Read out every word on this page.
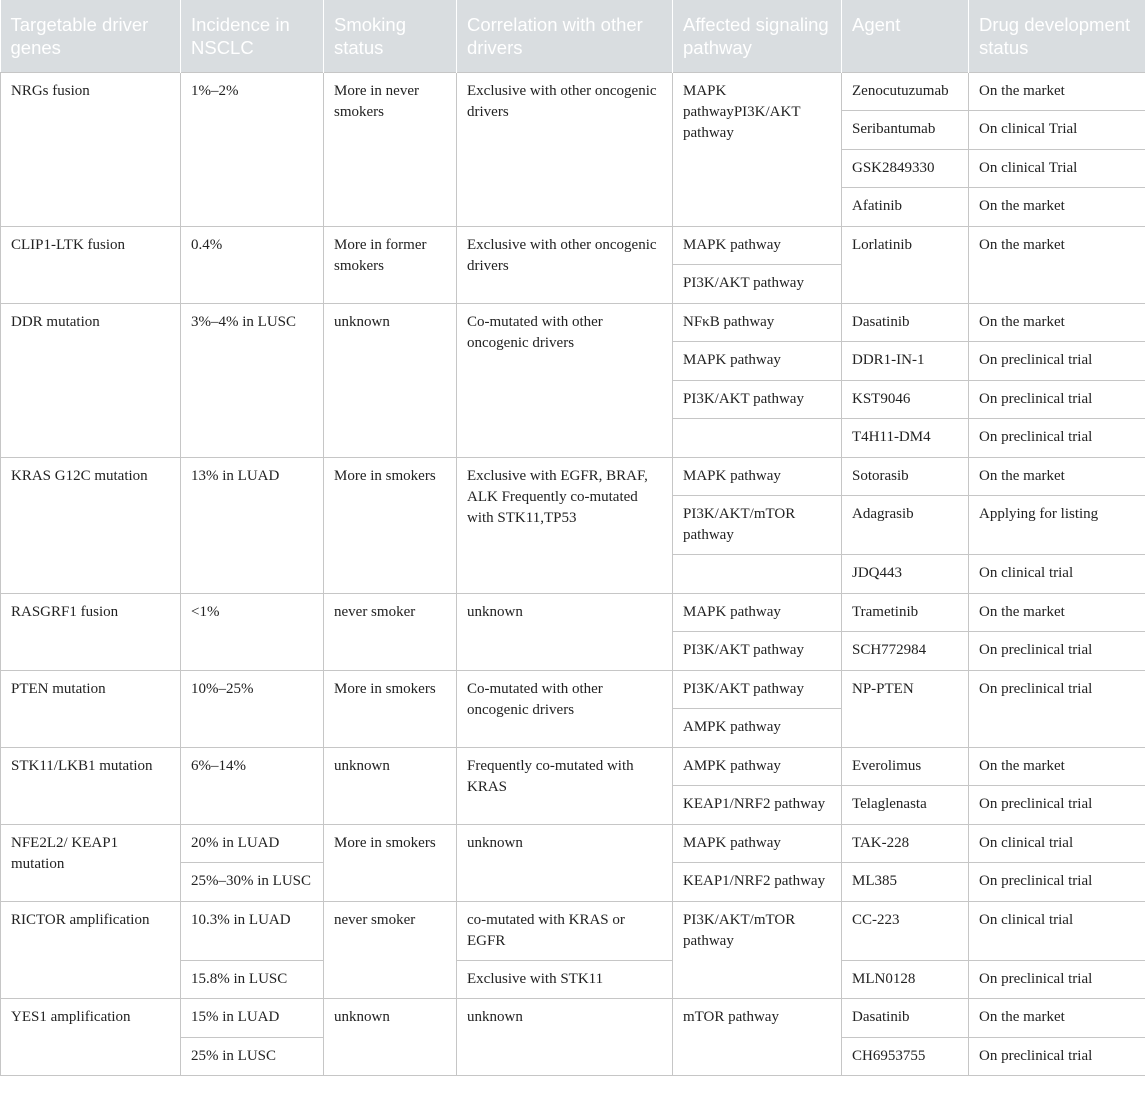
Targetable driver genes	Incidence in NSCLC	Smoking status	Correlation with other drivers	Affected signaling pathway	Agent	Drug development status
NRGs fusion	1%–2%	More in never smokers	Exclusive with other oncogenic drivers	MAPK pathwayPI3K/AKT pathway	Zenocutuzumab	On the market
					Seribantumab	On clinical Trial
					GSK2849330	On clinical Trial
					Afatinib	On the market
CLIP1-LTK fusion	0.4%	More in former smokers	Exclusive with other oncogenic drivers	MAPK pathway	Lorlatinib	On the market
				PI3K/AKT pathway		
DDR mutation	3%–4% in LUSC	unknown	Co-mutated with other oncogenic drivers	NFκB pathway	Dasatinib	On the market
				MAPK pathway	DDR1-IN-1	On preclinical trial
				PI3K/AKT pathway	KST9046	On preclinical trial
					T4H11-DM4	On preclinical trial
KRAS G12C mutation	13% in LUAD	More in smokers	Exclusive with EGFR, BRAF, ALK Frequently co-mutated with STK11,TP53	MAPK pathway	Sotorasib	On the market
				PI3K/AKT/mTOR pathway	Adagrasib	Applying for listing
					JDQ443	On clinical trial
RASGRF1 fusion	<1%	never smoker	unknown	MAPK pathway	Trametinib	On the market
				PI3K/AKT pathway	SCH772984	On preclinical trial
PTEN mutation	10%–25%	More in smokers	Co-mutated with other oncogenic drivers	PI3K/AKT pathway	NP-PTEN	On preclinical trial
				AMPK pathway		
STK11/LKB1 mutation	6%–14%	unknown	Frequently co-mutated with KRAS	AMPK pathway	Everolimus	On the market
				KEAP1/NRF2 pathway	Telaglenasta	On preclinical trial
NFE2L2/ KEAP1 mutation	20% in LUAD	More in smokers	unknown	MAPK pathway	TAK-228	On clinical trial
	25%–30% in LUSC			KEAP1/NRF2 pathway	ML385	On preclinical trial
RICTOR amplification	10.3% in LUAD	never smoker	co-mutated with KRAS or EGFR	PI3K/AKT/mTOR pathway	CC-223	On clinical trial
	15.8% in LUSC		Exclusive with STK11		MLN0128	On preclinical trial
YES1 amplification	15% in LUAD	unknown	unknown	mTOR pathway	Dasatinib	On the market
	25% in LUSC				CH6953755	On preclinical trial
